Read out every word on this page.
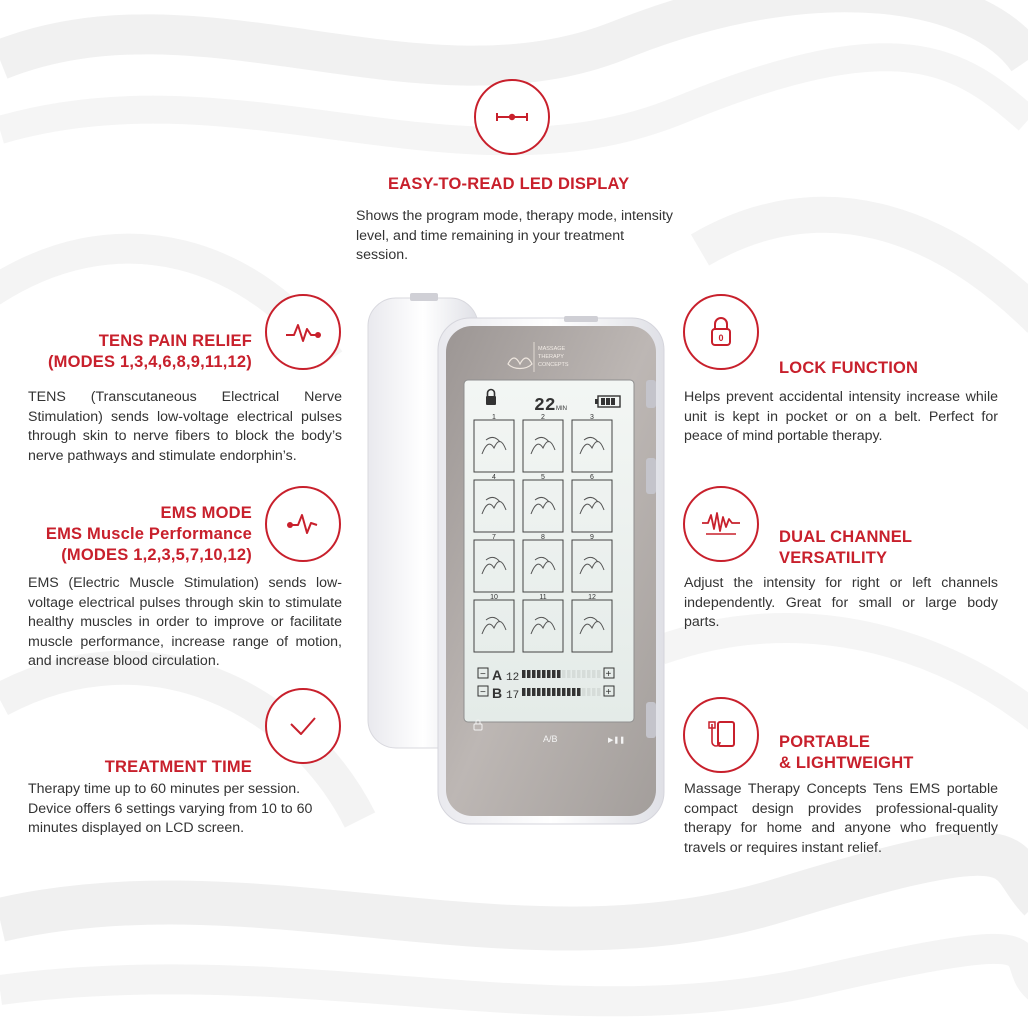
EASY-TO-READ LED DISPLAY

Shows the program mode, therapy mode, intensity level, and time remaining in your treatment session.

TENS PAIN RELIEF
(MODES 1,3,4,6,8,9,11,12)

TENS (Transcutaneous Electrical Nerve Stimulation) sends low-voltage electrical pulses through skin to nerve fibers to block the body’s nerve pathways and stimulate endorphin’s.

EMS MODE
EMS Muscle Performance
(MODES 1,2,3,5,7,10,12)

EMS (Electric Muscle Stimulation) sends low-voltage electrical pulses through skin to stimulate healthy muscles in order to improve or facilitate muscle performance, increase range of motion, and increase blood circulation.

TREATMENT TIME

Therapy time up to 60 minutes per session. Device offers 6 settings varying from 10 to 60 minutes displayed on LCD screen.

0
LOCK FUNCTION

Helps prevent accidental intensity increase while unit is kept in pocket or on a belt. Perfect for peace of mind portable therapy.

DUAL CHANNEL
VERSATILITY

Adjust the intensity for right or left channels independently. Great for small or large body parts.

PORTABLE
& LIGHTWEIGHT

Massage Therapy Concepts Tens EMS portable compact design provides professional-quality therapy for home and anyone who frequently travels or requires instant relief.

MASSAGE
THERAPY
CONCEPTS
22 MIN
1	2	3
4	5	6
7	8	9
10	11	12
− A 12	+
− B 17	+
A/B	▶❚❚
